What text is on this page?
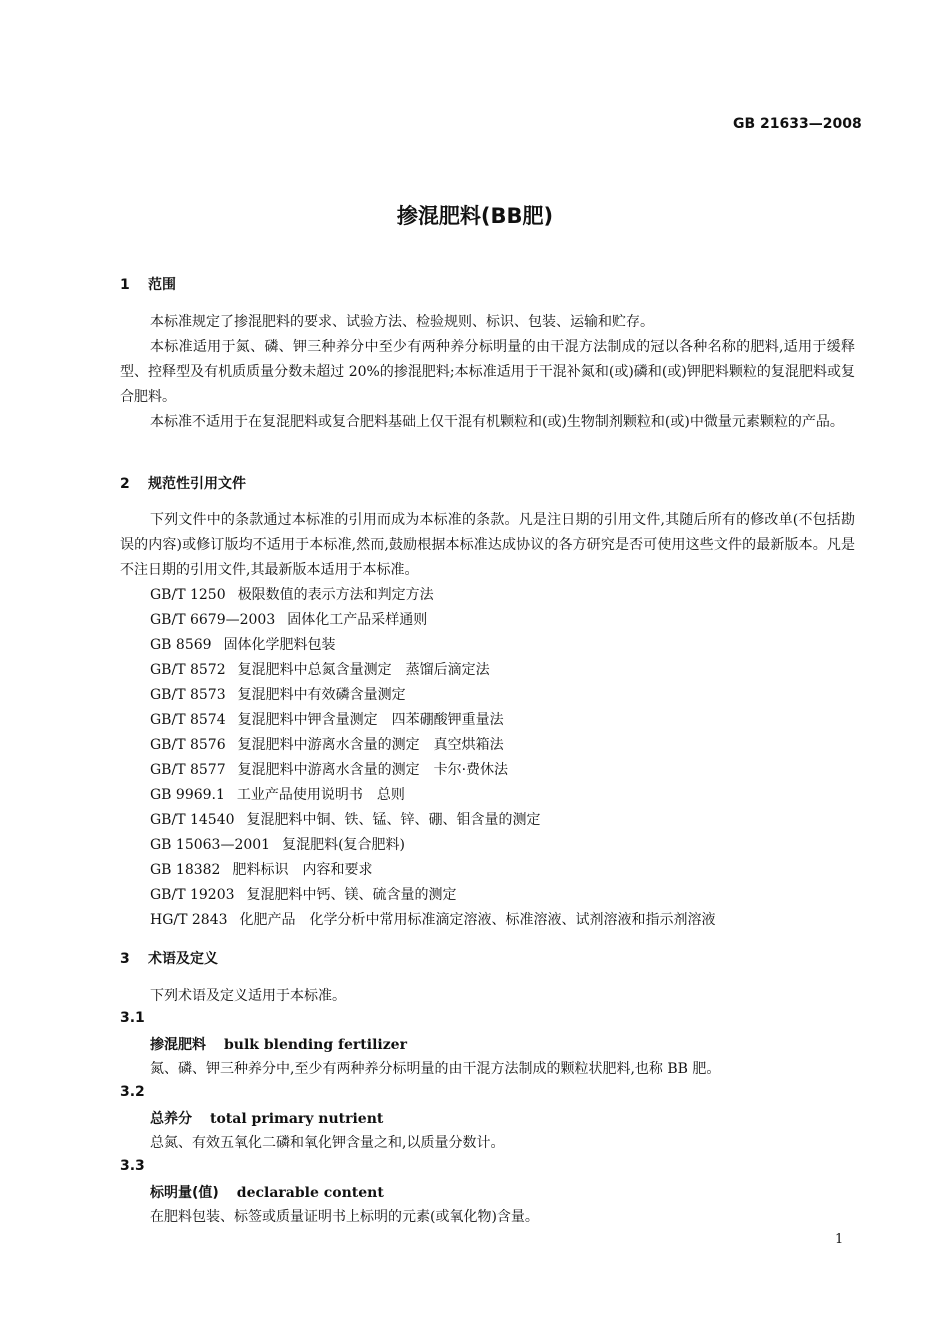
GB 21633—2008
掺混肥料(BB肥)
1 范围
本标准规定了掺混肥料的要求、试验方法、检验规则、标识、包装、运输和贮存。
本标准适用于氮、磷、钾三种养分中至少有两种养分标明量的由干混方法制成的冠以各种名称的肥料,适用于缓释型、控释型及有机质质量分数未超过 20%的掺混肥料;本标准适用于干混补氮和(或)磷和(或)钾肥料颗粒的复混肥料或复合肥料。
本标准不适用于在复混肥料或复合肥料基础上仅干混有机颗粒和(或)生物制剂颗粒和(或)中微量元素颗粒的产品。
2 规范性引用文件
下列文件中的条款通过本标准的引用而成为本标准的条款。凡是注日期的引用文件,其随后所有的修改单(不包括勘误的内容)或修订版均不适用于本标准,然而,鼓励根据本标准达成协议的各方研究是否可使用这些文件的最新版本。凡是不注日期的引用文件,其最新版本适用于本标准。
GB/T 1250 极限数值的表示方法和判定方法
GB/T 6679—2003 固体化工产品采样通则
GB 8569 固体化学肥料包装
GB/T 8572 复混肥料中总氮含量测定　蒸馏后滴定法
GB/T 8573 复混肥料中有效磷含量测定
GB/T 8574 复混肥料中钾含量测定　四苯硼酸钾重量法
GB/T 8576 复混肥料中游离水含量的测定　真空烘箱法
GB/T 8577 复混肥料中游离水含量的测定　卡尔·费休法
GB 9969.1 工业产品使用说明书　总则
GB/T 14540 复混肥料中铜、铁、锰、锌、硼、钼含量的测定
GB 15063—2001 复混肥料(复合肥料)
GB 18382 肥料标识　内容和要求
GB/T 19203 复混肥料中钙、镁、硫含量的测定
HG/T 2843 化肥产品　化学分析中常用标准滴定溶液、标准溶液、试剂溶液和指示剂溶液
3 术语及定义
下列术语及定义适用于本标准。
3.1
掺混肥料 bulk blending fertilizer
氮、磷、钾三种养分中,至少有两种养分标明量的由干混方法制成的颗粒状肥料,也称 BB 肥。
3.2
总养分 total primary nutrient
总氮、有效五氧化二磷和氧化钾含量之和,以质量分数计。
3.3
标明量(值) declarable content
在肥料包装、标签或质量证明书上标明的元素(或氧化物)含量。
1
